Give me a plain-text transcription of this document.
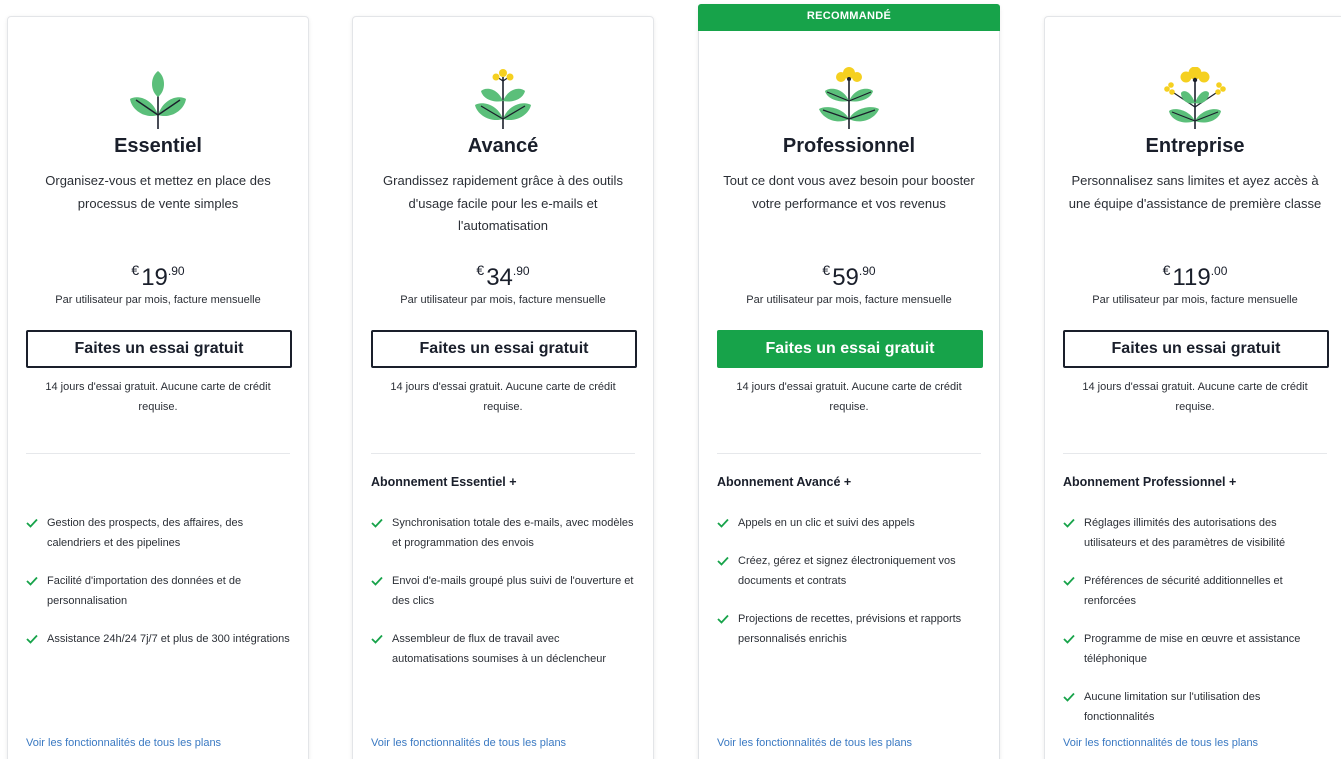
Essentiel
Organisez-vous et mettez en place des processus de vente simples
$€19^{.90}$
Par utilisateur par mois, facture mensuelle
Faites un essai gratuit
14 jours d'essai gratuit. Aucune carte de crédit requise.
Gestion des prospects, des affaires, des calendriers et des pipelines
Facilité d'importation des données et de personnalisation
Assistance 24h/24 7j/7 et plus de 300 intégrations
Voir les fonctionnalités de tous les plans
Avancé
Grandissez rapidement grâce à des outils d'usage facile pour les e-mails et l'automatisation
$€34^{.90}$
Par utilisateur par mois, facture mensuelle
Faites un essai gratuit
14 jours d'essai gratuit. Aucune carte de crédit requise.
Abonnement Essentiel +
Synchronisation totale des e-mails, avec modèles et programmation des envois
Envoi d'e-mails groupé plus suivi de l'ouverture et des clics
Assembleur de flux de travail avec automatisations soumises à un déclencheur
Voir les fonctionnalités de tous les plans
RECOMMANDÉ
Professionnel
Tout ce dont vous avez besoin pour booster votre performance et vos revenus
$€59^{.90}$
Par utilisateur par mois, facture mensuelle
Faites un essai gratuit
14 jours d'essai gratuit. Aucune carte de crédit requise.
Abonnement Avancé +
Appels en un clic et suivi des appels
Créez, gérez et signez électroniquement vos documents et contrats
Projections de recettes, prévisions et rapports personnalisés enrichis
Voir les fonctionnalités de tous les plans
Entreprise
Personnalisez sans limites et ayez accès à une équipe d'assistance de première classe
$€119^{.00}$
Par utilisateur par mois, facture mensuelle
Faites un essai gratuit
14 jours d'essai gratuit. Aucune carte de crédit requise.
Abonnement Professionnel +
Réglages illimités des autorisations des utilisateurs et des paramètres de visibilité
Préférences de sécurité additionnelles et renforcées
Programme de mise en œuvre et assistance téléphonique
Aucune limitation sur l'utilisation des fonctionnalités
Voir les fonctionnalités de tous les plans
